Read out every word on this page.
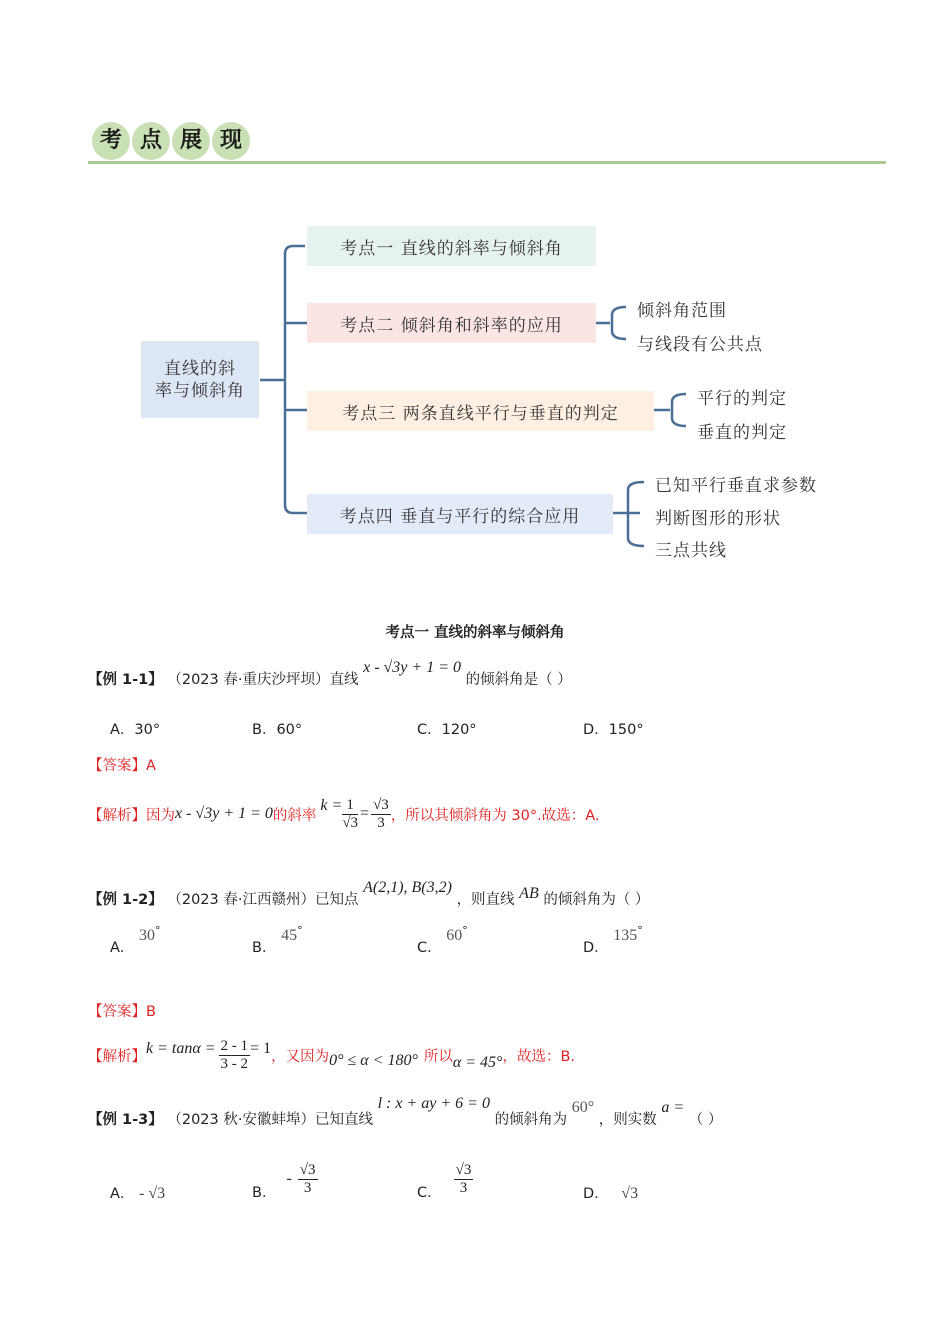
考 点 展 现
直线的斜
率与倾斜角
考点一 直线的斜率与倾斜角
考点二 倾斜角和斜率的应用
考点三 两条直线平行与垂直的判定
考点四 垂直与平行的综合应用
倾斜角范围
与线段有公共点
平行的判定
垂直的判定
已知平行垂直求参数
判断图形的形状
三点共线
考点一 直线的斜率与倾斜角
【例 1-1】 （2023 春·重庆沙坪坝）直线 x - √3y + 1 = 0 的倾斜角是（ ）
A．30°	B．60°	C．120°	D．150°
【答案】A
【解析】 因为 x - √3y + 1 = 0 的斜率
$k = \frac{1}{√3} = \frac{√3}{3}$ ，所以其倾斜角为 30°.故选：A.
【例 1-2】 （2023 春·江西赣州）已知点 A(2,1), B(3,2) ，则直线 AB 的倾斜角为（ ）
A． 30°
B． 45°
C． 60°
D． 135°
【答案】B
【解析】 $k = \tan\alpha = \frac{2 - 1}{3 - 2} = 1$ ，又因为 0° ≤ α < 180° 所以 α = 45° ，故选：B.
【例 1-3】 （2023 秋·安徽蚌埠）已知直线 l : x + ay + 6 = 0 的倾斜角为 60° ，则实数 a = （ ）
A． - √3	B．
- $\frac{√3}{3}$	C． $\frac{√3}{3}$	D． √3
